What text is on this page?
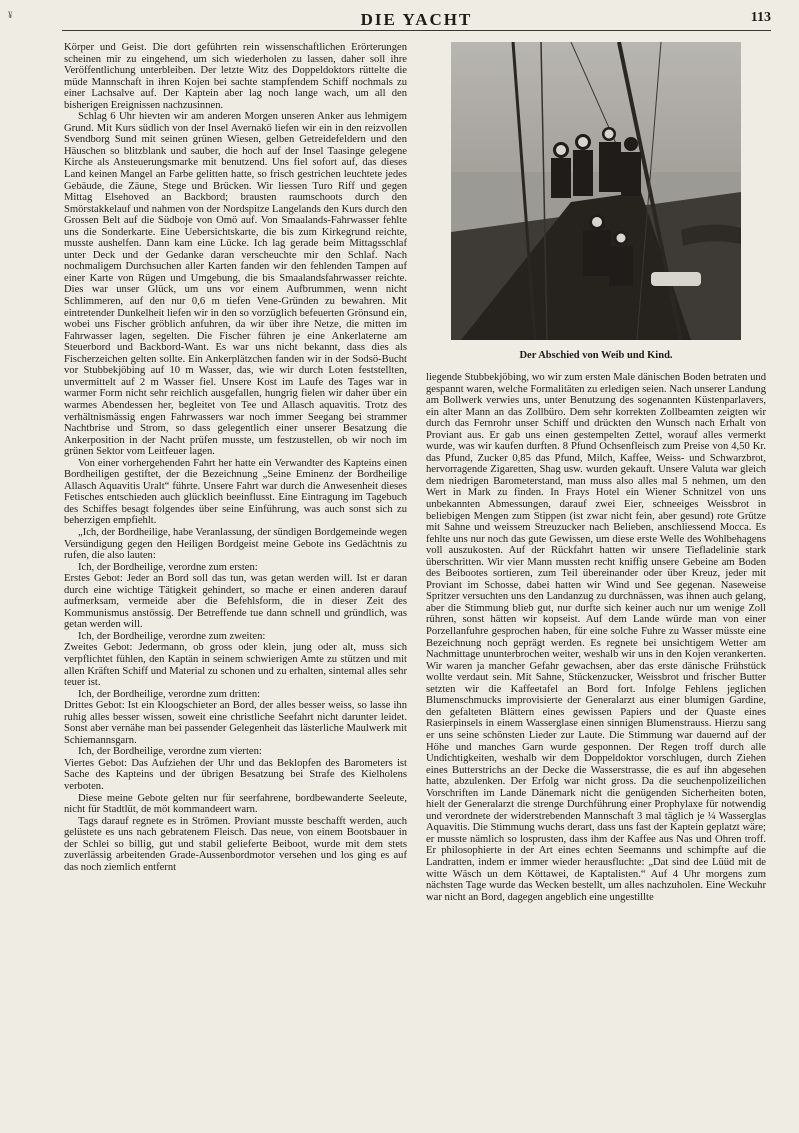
¥	DIE YACHT	113

Körper und Geist. Die dort geführten rein wissenschaftlichen Erörterungen scheinen mir zu eingehend, um sich wiederholen zu lassen, daher soll ihre Veröffentlichung unterbleiben. Der letzte Witz des Doppeldoktors rüttelte die müde Mannschaft in ihren Kojen bei sachte stampfendem Schiff nochmals zu einer Lachsalve auf. Der Kaptein aber lag noch lange wach, um all den bisherigen Ereignissen nachzusinnen.

Schlag 6 Uhr hievten wir am anderen Morgen unseren Anker aus lehmigem Grund. Mit Kurs südlich von der Insel Avernakö liefen wir ein in den reizvollen Svendborg Sund mit seinen grünen Wiesen, gelben Getreidefeldern und den Häuschen so blitzblank und sauber, die hoch auf der Insel Taasinge gelegene Kirche als Ansteuerungsmarke mit benutzend. Uns fiel sofort auf, das dieses Land keinen Mangel an Farbe gelitten hatte, so frisch gestrichen leuchtete jedes Gebäude, die Zäune, Stege und Brücken. Wir liessen Turo Riff und gegen Mittag Elsehoved an Backbord; brausten raumschoots durch den Smörstakkelauf und nahmen von der Nordspitze Langelands den Kurs durch den Grossen Belt auf die Südboje von Omö auf. Von Smaalands-Fahrwasser fehlte uns die Sonderkarte. Eine Uebersichtskarte, die bis zum Kirkegrund reichte, musste aushelfen. Dann kam eine Lücke. Ich lag gerade beim Mittagsschlaf unter Deck und der Gedanke daran verscheuchte mir den Schlaf. Nach nochmaligem Durchsuchen aller Karten fanden wir den fehlenden Tampen auf einer Karte von Rügen und Umgebung, die bis Smaalandsfahrwasser reichte. Dies war unser Glück, um uns vor einem Aufbrummen, wenn nicht Schlimmeren, auf den nur 0,6 m tiefen Vene-Gründen zu bewahren. Mit eintretender Dunkelheit liefen wir in den so vorzüglich befeuerten Grönsund ein, wobei uns Fischer gröblich anfuhren, da wir über ihre Netze, die mitten im Fahrwasser lagen, segelten. Die Fischer führen je eine Ankerlaterne am Steuerbord und Backbord-Want. Es war uns nicht bekannt, dass dies als Fischerzeichen gelten sollte. Ein Ankerplätzchen fanden wir in der Sodsö-Bucht vor Stubbekjöbing auf 10 m Wasser, das, wie wir durch Loten feststellten, unvermittelt auf 2 m Wasser fiel. Unsere Kost im Laufe des Tages war in warmer Form nicht sehr reichlich ausgefallen, hungrig fielen wir daher über ein warmes Abendessen her, begleitet von Tee und Allasch aquavitis. Trotz des verhältnismässig engen Fahrwassers war noch immer Seegang bei strammer Nachtbrise und Strom, so dass gelegentlich einer unserer Besatzung die Ankerposition in der Nacht prüfen musste, um festzustellen, ob wir noch im grünen Sektor vom Leitfeuer lagen.

Von einer vorhergehenden Fahrt her hatte ein Verwandter des Kapteins einen Bordheiligen gestiftet, der die Bezeichnung „Seine Eminenz der Bordheilige Allasch Aquavitis Uralt“ führte. Unsere Fahrt war durch die Anwesenheit dieses Fetisches entschieden auch glücklich beeinflusst. Eine Eintragung im Tagebuch des Schiffes besagt folgendes über seine Einführung, was auch sonst sich zu beherzigen empfiehlt.

„Ich, der Bordheilige, habe Veranlassung, der sündigen Bordgemeinde wegen Versündigung gegen den Heiligen Bordgeist meine Gebote ins Gedächtnis zu rufen, die also lauten:

Ich, der Bordheilige, verordne zum ersten:

Erstes Gebot: Jeder an Bord soll das tun, was getan werden will. Ist er daran durch eine wichtige Tätigkeit gehindert, so mache er einen anderen darauf aufmerksam, vermeide aber die Befehlsform, die in dieser Zeit des Kommunismus anstössig. Der Betreffende tue dann schnell und gründlich, was getan werden will.

Ich, der Bordheilige, verordne zum zweiten:

Zweites Gebot: Jedermann, ob gross oder klein, jung oder alt, muss sich verpflichtet fühlen, den Kaptän in seinem schwierigen Amte zu stützen und mit allen Kräften Schiff und Material zu schonen und zu erhalten, sintemal alles sehr teuer ist.

Ich, der Bordheilige, verordne zum dritten:

Drittes Gebot: Ist ein Kloogschieter an Bord, der alles besser weiss, so lasse ihn ruhig alles besser wissen, soweit eine christliche Seefahrt nicht darunter leidet. Sonst aber vernähe man bei passender Gelegenheit das lästerliche Maulwerk mit Schiemannsgarn.

Ich, der Bordheilige, verordne zum vierten:

Viertes Gebot: Das Aufziehen der Uhr und das Beklopfen des Barometers ist Sache des Kapteins und der übrigen Besatzung bei Strafe des Kielholens verboten.

Diese meine Gebote gelten nur für seerfahrene, bordbewanderte Seeleute, nicht für Stadtlüt, de möt kommandeert warn.

Tags darauf regnete es in Strömen. Proviant musste beschafft werden, auch gelüstete es uns nach gebratenem Fleisch. Das neue, von einem Bootsbauer in der Schlei so billig, gut und stabil gelieferte Beiboot, wurde mit dem stets zuverlässig arbeitenden Grade-Aussenbordmotor versehen und los ging es auf das noch ziemlich entfernt

Der Abschied von Weib und Kind.

liegende Stubbekjöbing, wo wir zum ersten Male dänischen Boden betraten und gespannt waren, welche Formalitäten zu erledigen seien. Nach unserer Landung am Bollwerk verwies uns, unter Benutzung des sogenannten Küstenparlavers, ein alter Mann an das Zollbüro. Dem sehr korrekten Zollbeamten zeigten wir durch das Fernrohr unser Schiff und drückten den Wunsch nach Erhalt von Proviant aus. Er gab uns einen gestempelten Zettel, worauf alles vermerkt wurde, was wir kaufen durften. 8 Pfund Ochsenfleisch zum Preise von 4,50 Kr. das Pfund, Zucker 0,85 das Pfund, Milch, Kaffee, Weiss- und Schwarzbrot, hervorragende Zigaretten, Shag usw. wurden gekauft. Unsere Valuta war gleich dem niedrigen Barometerstand, man muss also alles mal 5 nehmen, um den Wert in Mark zu finden. In Frays Hotel ein Wiener Schnitzel von uns unbekannten Abmessungen, darauf zwei Eier, schneeiges Weissbrot in beliebigen Mengen zum Stippen (ist zwar nicht fein, aber gesund) rote Grütze mit Sahne und weissem Streuzucker nach Belieben, anschliessend Mocca. Es fehlte uns nur noch das gute Gewissen, um diese erste Welle des Wohlbehagens voll auszukosten. Auf der Rückfahrt hatten wir unsere Tiefladelinie stark überschritten. Wir vier Mann mussten recht kniffig unsere Gebeine am Boden des Beibootes sortieren, zum Teil übereinander oder über Kreuz, jeder mit Proviant im Schosse, dabei hatten wir Wind und See gegenan. Naseweise Spritzer versuchten uns den Landanzug zu durchnässen, was ihnen auch gelang, aber die Stimmung blieb gut, nur durfte sich keiner auch nur um wenige Zoll rühren, sonst hätten wir kopseist. Auf dem Lande würde man von einer Porzellanfuhre gesprochen haben, für eine solche Fuhre zu Wasser müsste eine Bezeichnung noch geprägt werden. Es regnete bei unsichtigem Wetter am Nachmittage ununterbrochen weiter, weshalb wir uns in den Kojen verankerten. Wir waren ja mancher Gefahr gewachsen, aber das erste dänische Frühstück wollte verdaut sein. Mit Sahne, Stückenzucker, Weissbrot und frischer Butter setzten wir die Kaffeetafel an Bord fort. Infolge Fehlens jeglichen Blumenschmucks improvisierte der Generalarzt aus einer blumigen Gardine, den gefalteten Blättern eines gewissen Papiers und der Quaste eines Rasierpinsels in einem Wasserglase einen sinnigen Blumenstrauss. Hierzu sang er uns seine schönsten Lieder zur Laute. Die Stimmung war dauernd auf der Höhe und manches Garn wurde gesponnen. Der Regen troff durch alle Undichtigkeiten, weshalb wir dem Doppeldoktor vorschlugen, durch Ziehen eines Butterstrichs an der Decke die Wasserstrasse, die es auf ihn abgesehen hatte, abzulenken. Der Erfolg war nicht gross. Da die seuchenpolizeilichen Vorschriften im Lande Dänemark nicht die genügenden Sicherheiten boten, hielt der Generalarzt die strenge Durchführung einer Prophylaxe für notwendig und verordnete der widerstrebenden Mannschaft 3 mal täglich je ¼ Wasserglas Aquavitis. Die Stimmung wuchs derart, dass uns fast der Kaptein geplatzt wäre; er musste nämlich so losprusten, dass ihm der Kaffee aus Nas und Ohren troff. Er philosophierte in der Art eines echten Seemanns und schimpfte auf die Landratten, indem er immer wieder herausfluchte: „Dat sind dee Lüüd mit de witte Wäsch un dem Köttawei, de Kaptalisten.“ Auf 4 Uhr morgens zum nächsten Tage wurde das Wecken bestellt, um alles nachzuholen. Eine Weckuhr war nicht an Bord, dagegen angeblich eine ungestillte
